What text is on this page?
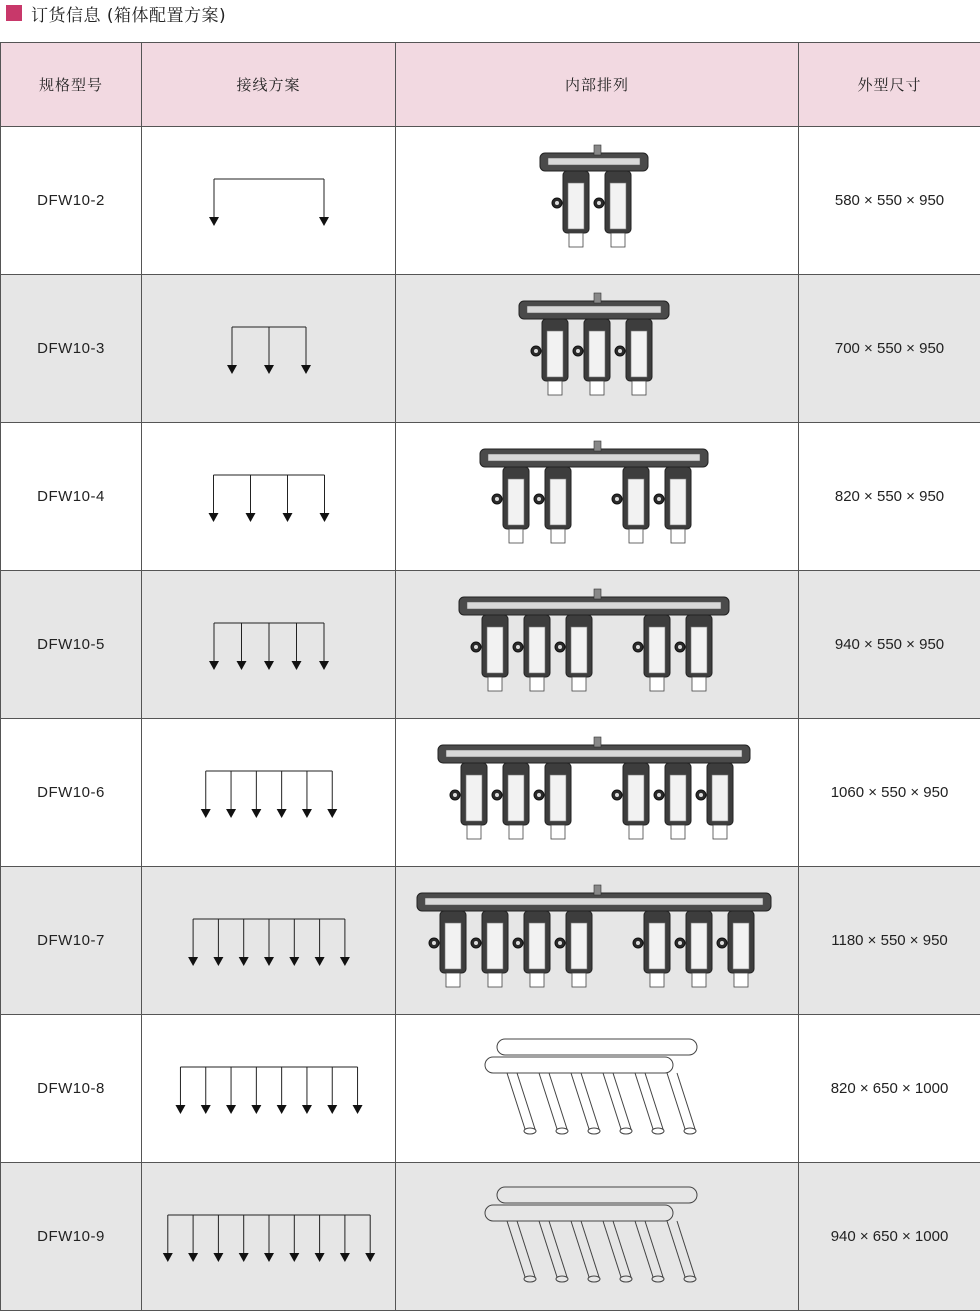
订货信息 (箱体配置方案)
规格型号	接线方案	内部排列	外型尺寸
DFW10-2			580 × 550 × 950
DFW10-3			700 × 550 × 950
DFW10-4			820 × 550 × 950
DFW10-5			940 × 550 × 950
DFW10-6			1060 × 550 × 950
DFW10-7			1180 × 550 × 950
DFW10-8			820 × 650 × 1000
DFW10-9			940 × 650 × 1000
